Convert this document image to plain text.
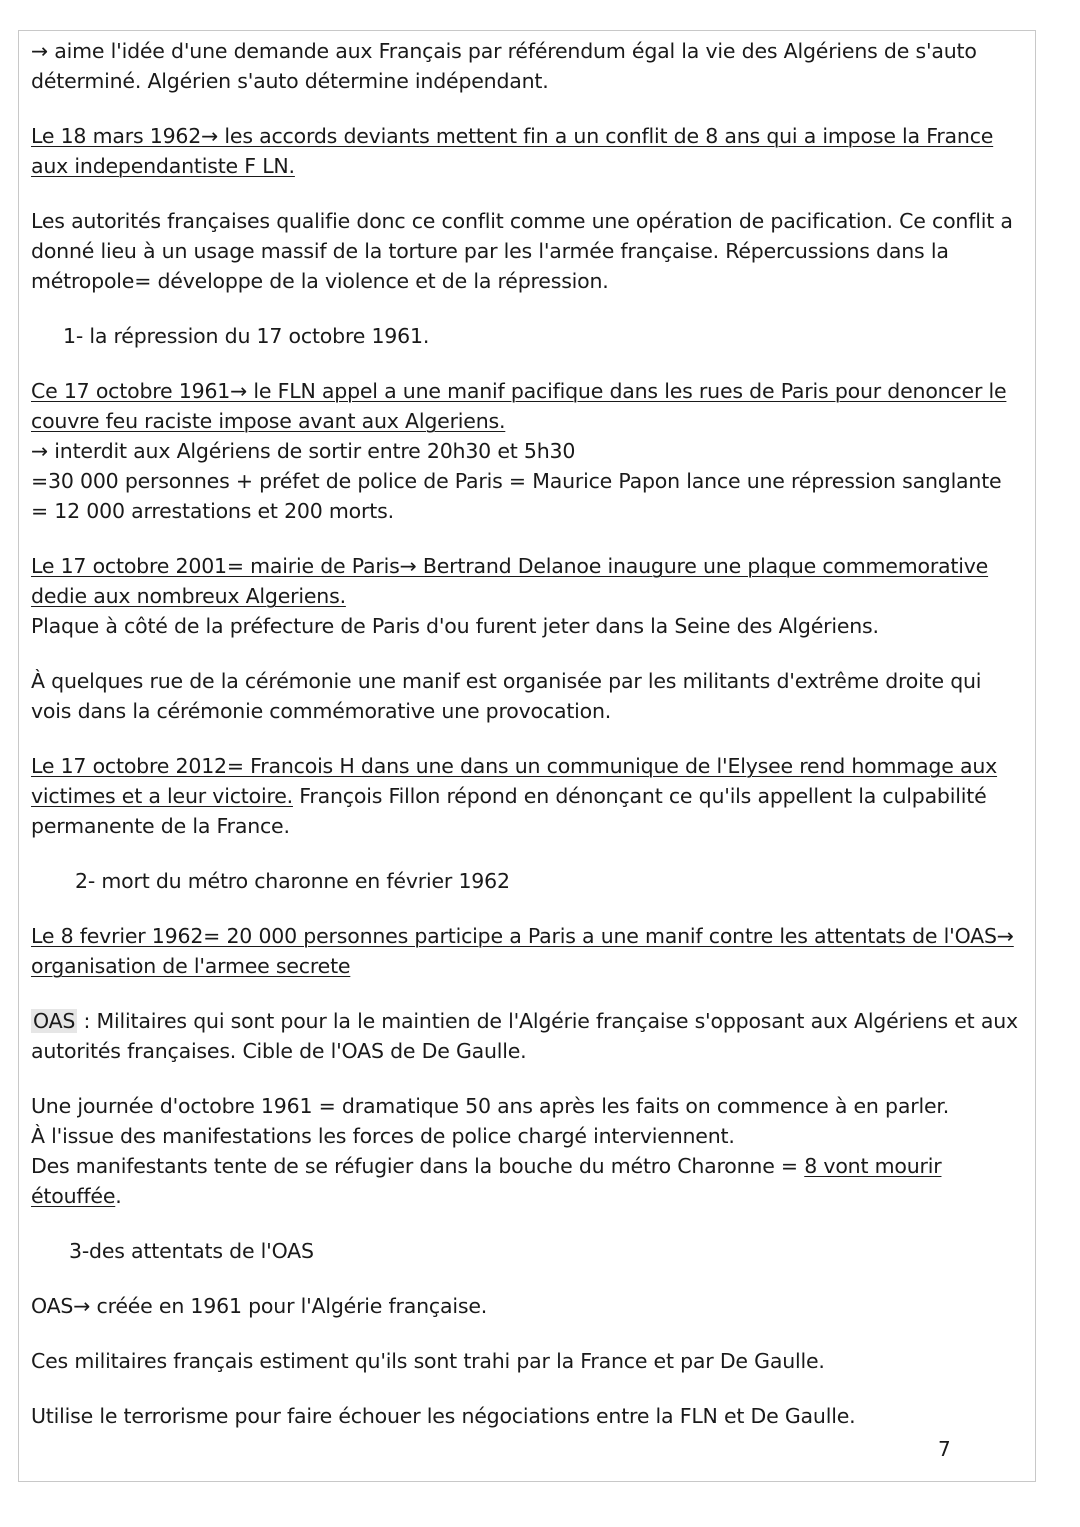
→ aime l'idée d'une demande aux Français par référendum égal la vie des Algériens de s'auto déterminé. Algérien s'auto détermine indépendant.

Le 18 mars 1962→ les accords deviants mettent fin a un conflit de 8 ans qui a impose la France aux independantiste F LN.

Les autorités françaises qualifie donc ce conflit comme une opération de pacification. Ce conflit a donné lieu à un usage massif de la torture par les l'armée française. Répercussions dans la métropole= développe de la violence et de la répression.

1- la répression du 17 octobre 1961.

Ce 17 octobre 1961→ le FLN appel a une manif pacifique dans les rues de Paris pour denoncer le couvre feu raciste impose avant aux Algeriens.

→ interdit aux Algériens de sortir entre 20h30 et 5h30

=30 000 personnes + préfet de police de Paris = Maurice Papon lance une répression sanglante = 12 000 arrestations et 200 morts.

Le 17 octobre 2001= mairie de Paris→ Bertrand Delanoe inaugure une plaque commemorative dedie aux nombreux Algeriens.

Plaque à côté de la préfecture de Paris d'ou furent jeter dans la Seine des Algériens.

À quelques rue de la cérémonie une manif est organisée par les militants d'extrême droite qui vois dans la cérémonie commémorative une provocation.

Le 17 octobre 2012= Francois H dans une dans un communique de l'Elysee rend hommage aux victimes et a leur victoire. François Fillon répond en dénonçant ce qu'ils appellent la culpabilité permanente de la France.

2- mort du métro charonne en février 1962

Le 8 fevrier 1962= 20 000 personnes participe a Paris a une manif contre les attentats de l'OAS→ organisation de l'armee secrete

OAS : Militaires qui sont pour la le maintien de l'Algérie française s'opposant aux Algériens et aux autorités françaises. Cible de l'OAS de De Gaulle.

Une journée d'octobre 1961 = dramatique 50 ans après les faits on commence à en parler.

À l'issue des manifestations les forces de police chargé interviennent.

Des manifestants tente de se réfugier dans la bouche du métro Charonne = 8 vont mourir étouffée.

3-des attentats de l'OAS

OAS→ créée en 1961 pour l'Algérie française.

Ces militaires français estiment qu'ils sont trahi par la France et par De Gaulle.

Utilise le terrorisme pour faire échouer les négociations entre la FLN et De Gaulle.

7
